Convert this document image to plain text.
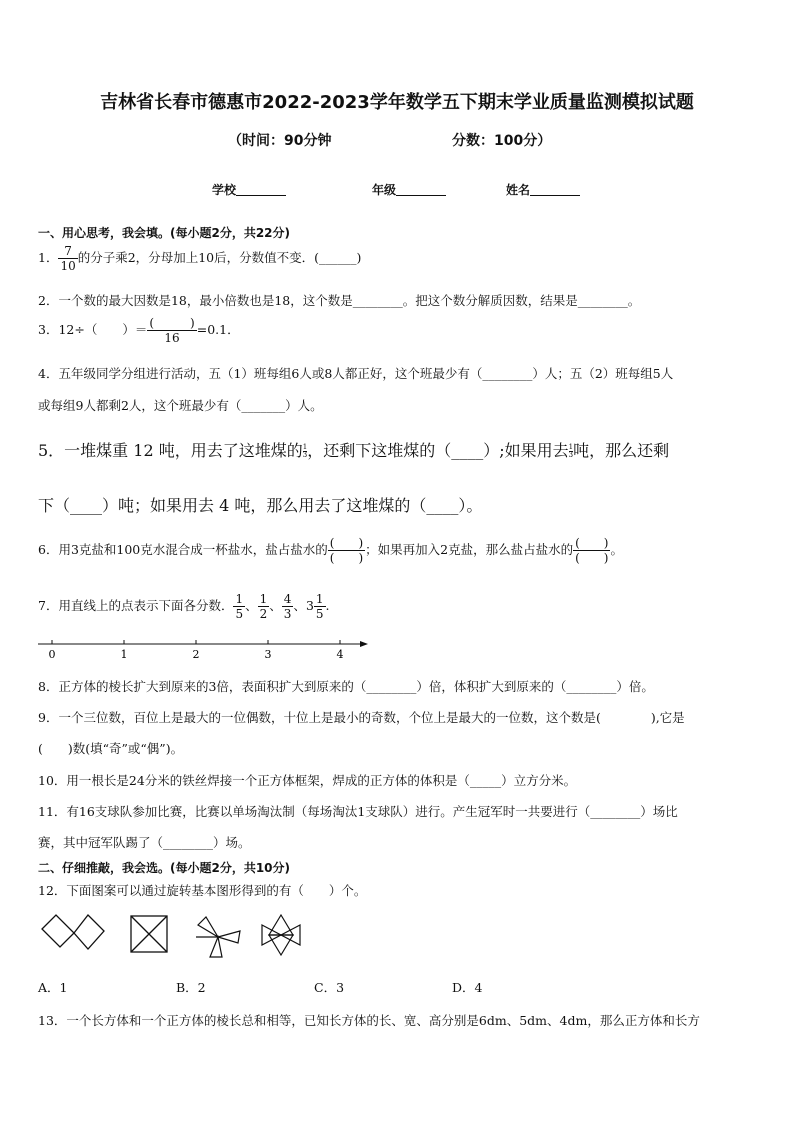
吉林省长春市德惠市2022-2023学年数学五下期末学业质量监测模拟试题
（时间：90分钟	分数：100分）
学校	年级	姓名
一、用心思考，我会填。(每小题2分，共22分)
1． $\frac{7}{10}$ 的分子乘2，分母加上10后，分数值不变．(______)
2．一个数的最大因数是18，最小倍数也是18，这个数是________。把这个数分解质因数，结果是________。
3．12÷（　　）＝ $\frac{( )}{16} =0.1$．
4．五年级同学分组进行活动，五（1）班每组6人或8人都正好，这个班最少有（________）人；五（2）班每组5人
或每组9人都剩2人，这个班最少有（_______）人。
5．一堆煤重 12 吨，用去了这堆煤的 $\frac{1}{3}$，还剩下这堆煤的（____）;如果用去 $\frac{1}{3}$吨，那么还剩
下（____）吨；如果用去 4 吨，那么用去了这堆煤的（____）。
6．用3克盐和100克水混合成一杯盐水，盐占盐水的 $\frac{( )}{( )}$ ；如果再加入2克盐，那么盐占盐水的 $\frac{( )}{( )}$ 。
7．用直线上的点表示下面各分数． $\frac{1}{5}$ 、 $\frac{1}{2}$ 、 $\frac{4}{3}$ 、$3 \frac{1}{5}$ .
0	1	2	3	4
8．正方体的棱长扩大到原来的3倍，表面积扩大到原来的（________）倍，体积扩大到原来的（________）倍。
9．一个三位数，百位上是最大的一位偶数，十位上是最小的奇数，个位上是最大的一位数，这个数是(　　　　),它是
(　　)数(填“奇”或“偶”)。
10．用一根长是24分米的铁丝焊接一个正方体框架，焊成的正方体的体积是（_____）立方分米。
11．有16支球队参加比赛，比赛以单场淘汰制（每场淘汰1支球队）进行。产生冠军时一共要进行（________）场比
赛，其中冠军队踢了（________）场。
二、仔细推敲，我会选。(每小题2分，共10分)
12．下面图案可以通过旋转基本图形得到的有（　　）个。
A．1	B．2	C．3	D．4
13．一个长方体和一个正方体的棱长总和相等，已知长方体的长、宽、高分别是6dm、5dm、4dm，那么正方体和长方
